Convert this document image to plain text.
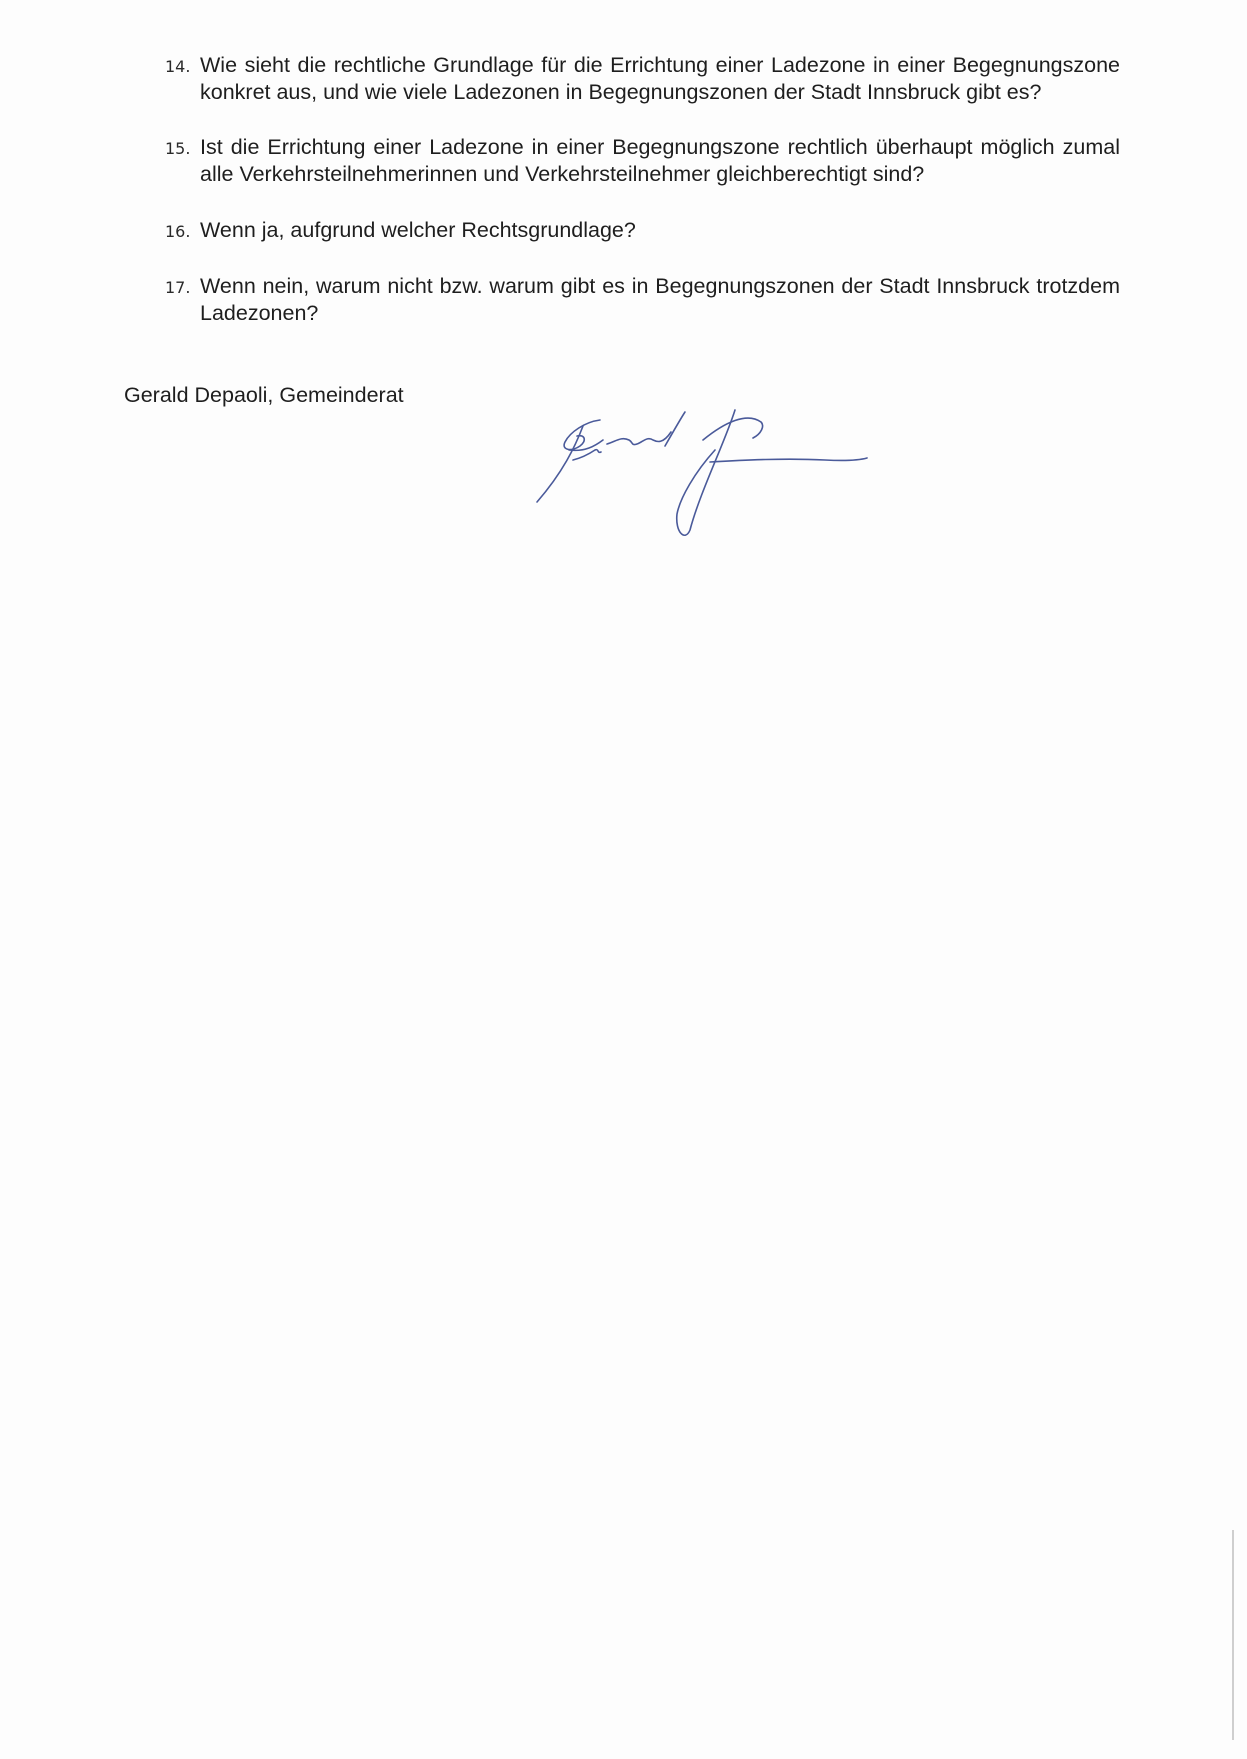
14. Wie sieht die rechtliche Grundlage für die Errichtung einer Ladezone in einer Begegnungszone konkret aus, und wie viele Ladezonen in Begegnungszonen der Stadt Innsbruck gibt es?
15. Ist die Errichtung einer Ladezone in einer Begegnungszone rechtlich überhaupt möglich zumal alle Verkehrsteilnehmerinnen und Verkehrsteilnehmer gleichberechtigt sind?
16. Wenn ja, aufgrund welcher Rechtsgrundlage?
17. Wenn nein, warum nicht bzw. warum gibt es in Begegnungszonen der Stadt Innsbruck trotzdem Ladezonen?
Gerald Depaoli, Gemeinderat
